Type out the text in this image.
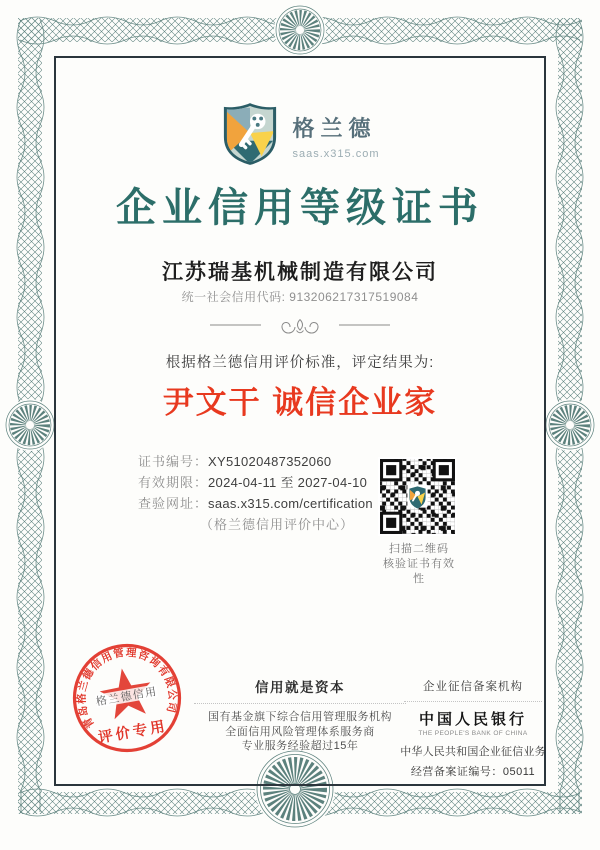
格兰德
saas.x315.com
企业信用等级证书
江苏瑞基机械制造有限公司
统一社会信用代码: 913206217317519084
根据格兰德信用评价标准，评定结果为:
尹文干 诚信企业家
证书编号： XY51020487352060
有效期限： 2024-04-11 至 2027-04-10
查验网址： saas.x315.com/certification
（格兰德信用评价中心）
扫描二维码
核验证书有效性
青岛格兰德信用管理咨询有限公司
格兰德信用
评价专用
信用就是资本
国有基金旗下综合信用管理服务机构
全面信用风险管理体系服务商
专业服务经验超过15年
企业征信备案机构
中国人民银行
THE PEOPLE'S BANK OF CHINA
中华人民共和国企业征信业务
经营备案证编号：05011
